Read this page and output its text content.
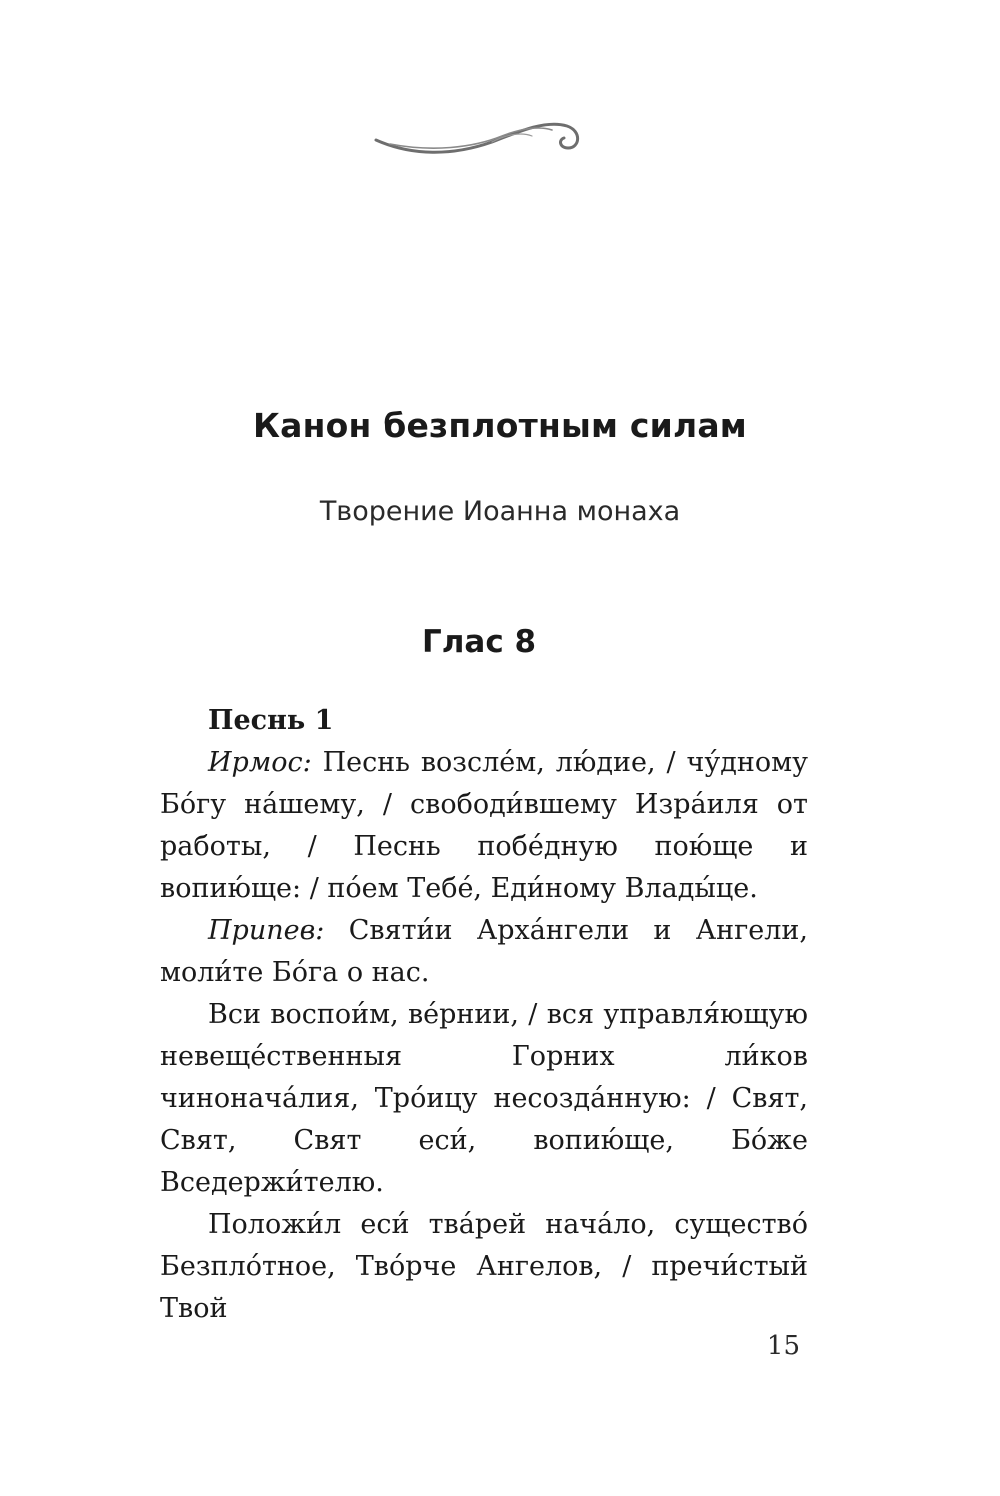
Канон безплотным силам
Творение Иоанна монаха
Глас 8
Песнь 1

Ирмос: Песнь возсле́м, лю́дие, / чу́дному Бо́гу на́шему, / свободи́вшему Изра́иля от работы, / Песнь побе́дную пою́ще и вопию́ще: / по́ем Тебе́, Еди́ному Влады́це.

Припев: Святи́и Арха́нгели и Ангели, моли́те Бо́га о нас.

Вси воспои́м, ве́рнии, / вся управля́ющую невеще́ственныя Горних ли́ков чиноначáлия, Тро́ицу несозда́нную: / Свят, Свят, Свят еси́, вопию́ще, Бо́же Вседержи́телю.

Положи́л еси́ тва́рей нача́ло, существо́ Безпло́тное, Тво́рче Ангелов, / пречи́стый Твой

15
